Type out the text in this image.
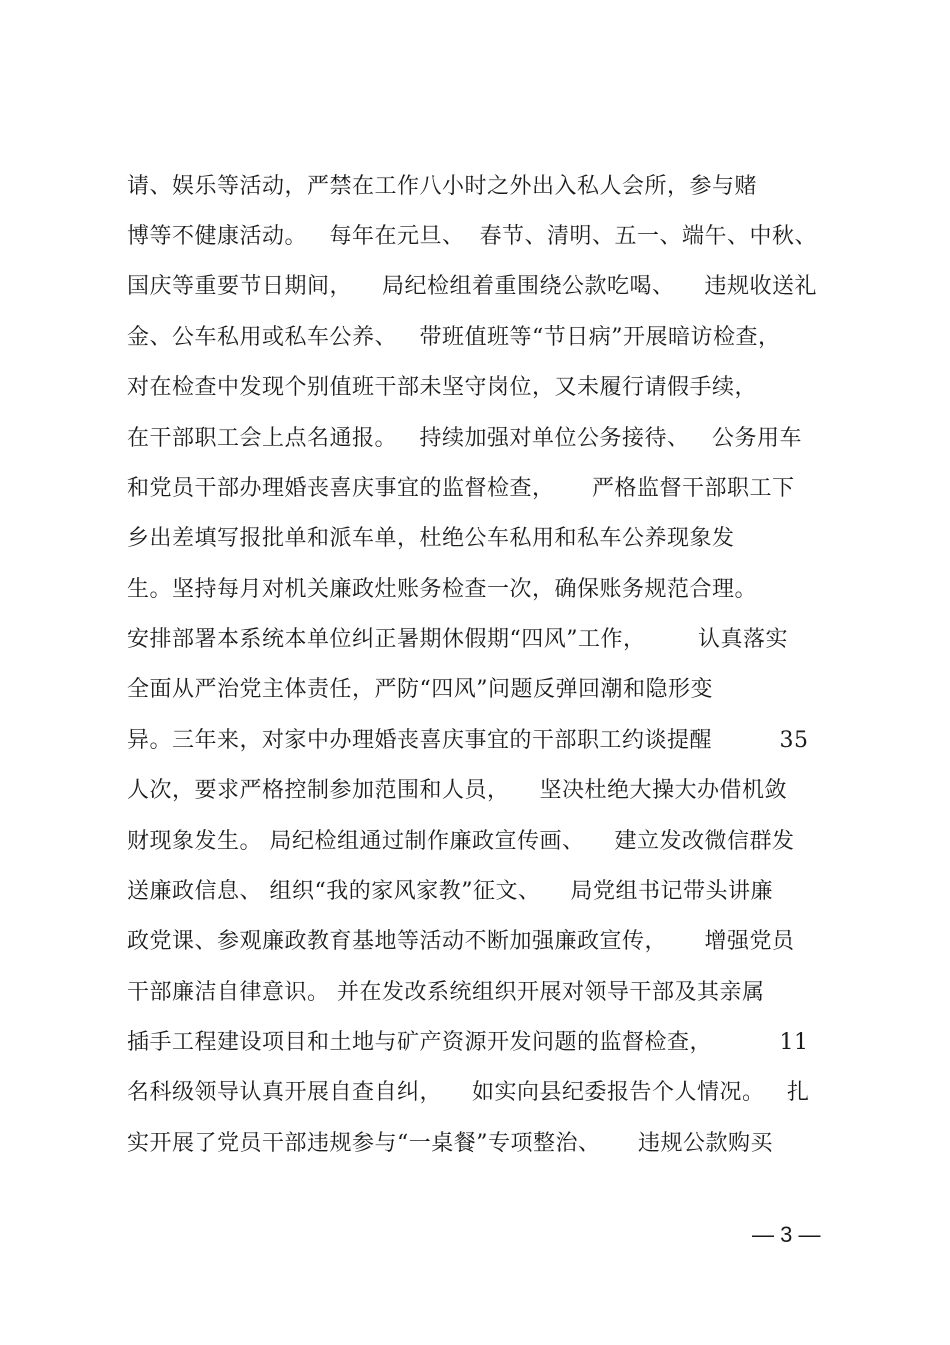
请、娱乐等活动，严禁在工作八小时之外出入私人会所，参与赌
博等不健康活动。   每年在元旦、  春节、清明、五一、端午、中秋、
国庆等重要节日期间，    局纪检组着重围绕公款吃喝、    违规收送礼
金、公车私用或私车公养、   带班值班等“节日病”开展暗访检查，
对在检查中发现个别值班干部未坚守岗位，又未履行请假手续，
在干部职工会上点名通报。   持续加强对单位公务接待、   公务用车
和党员干部办理婚丧喜庆事宜的监督检查，     严格监督干部职工下
乡出差填写报批单和派车单，杜绝公车私用和私车公养现象发
生。坚持每月对机关廉政灶账务检查一次，确保账务规范合理。
安排部署本系统本单位纠正暑期休假期“四风”工作，       认真落实
全面从严治党主体责任，严防“四风”问题反弹回潮和隐形变
异。三年来，对家中办理婚丧喜庆事宜的干部职工约谈提醒         35
人次，要求严格控制参加范围和人员，    坚决杜绝大操大办借机敛
财现象发生。 局纪检组通过制作廉政宣传画、    建立发改微信群发
送廉政信息、 组织“我的家风家教”征文、    局党组书记带头讲廉
政党课、参观廉政教育基地等活动不断加强廉政宣传，     增强党员
干部廉洁自律意识。 并在发改系统组织开展对领导干部及其亲属
插手工程建设项目和土地与矿产资源开发问题的监督检查，         11
名科级领导认真开展自查自纠，    如实向县纪委报告个人情况。   扎
实开展了党员干部违规参与“一桌餐”专项整治、     违规公款购买
— 3 —
